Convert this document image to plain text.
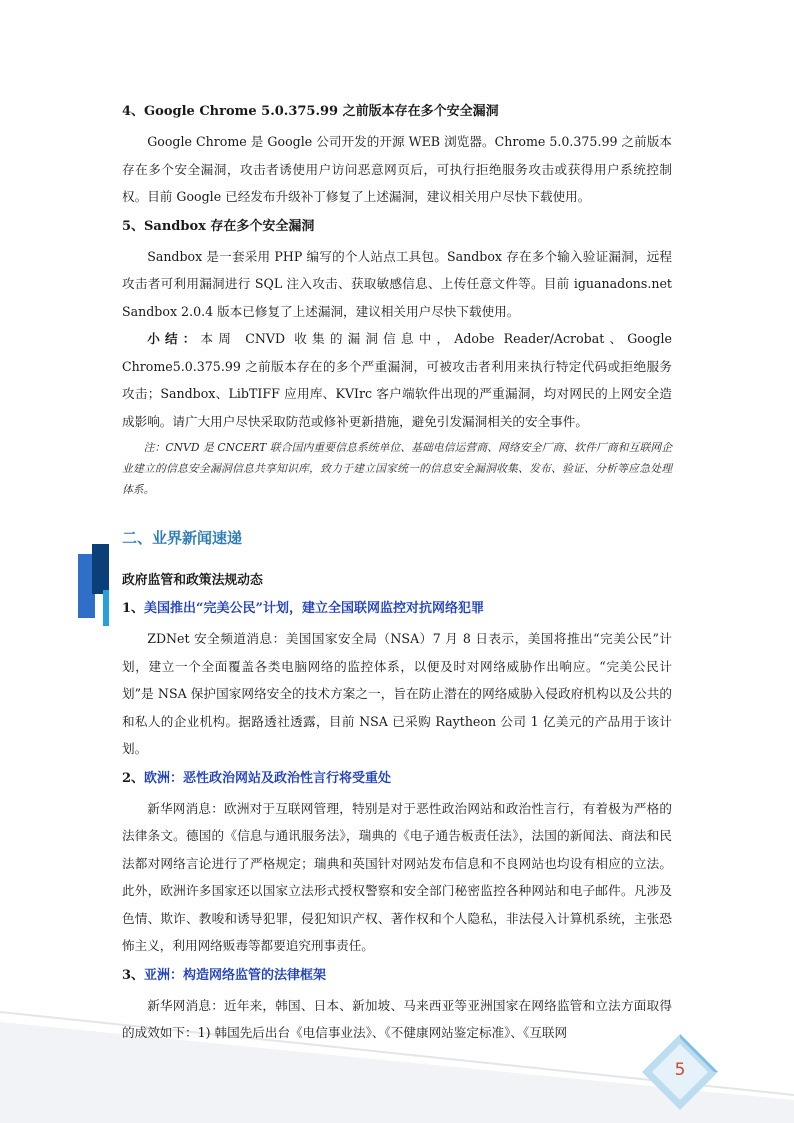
5
4、Google Chrome 5.0.375.99 之前版本存在多个安全漏洞

Google Chrome 是 Google 公司开发的开源 WEB 浏览器。Chrome 5.0.375.99 之前版本存在多个安全漏洞，攻击者诱使用户访问恶意网页后，可执行拒绝服务攻击或获得用户系统控制权。目前 Google 已经发布升级补丁修复了上述漏洞，建议相关用户尽快下载使用。

5、Sandbox 存在多个安全漏洞

Sandbox 是一套采用 PHP 编写的个人站点工具包。Sandbox 存在多个输入验证漏洞，远程攻击者可利用漏洞进行 SQL 注入攻击、获取敏感信息、上传任意文件等。目前 iguanadons.net Sandbox 2.0.4 版本已修复了上述漏洞，建议相关用户尽快下载使用。

小结：本周 CNVD 收集的漏洞信息中，Adobe Reader/Acrobat、Google Chrome5.0.375.99 之前版本存在的多个严重漏洞，可被攻击者利用来执行特定代码或拒绝服务攻击；Sandbox、LibTIFF 应用库、KVIrc 客户端软件出现的严重漏洞，均对网民的上网安全造成影响。请广大用户尽快采取防范或修补更新措施，避免引发漏洞相关的安全事件。

注：CNVD 是 CNCERT 联合国内重要信息系统单位、基础电信运营商、网络安全厂商、软件厂商和互联网企业建立的信息安全漏洞信息共享知识库，致力于建立国家统一的信息安全漏洞收集、发布、验证、分析等应急处理体系。

二、业界新闻速递
政府监管和政策法规动态
1、美国推出“完美公民”计划，建立全国联网监控对抗网络犯罪

ZDNet 安全频道消息：美国国家安全局（NSA）7 月 8 日表示，美国将推出“完美公民”计划，建立一个全面覆盖各类电脑网络的监控体系，以便及时对网络威胁作出响应。“完美公民计划”是 NSA 保护国家网络安全的技术方案之一，旨在防止潜在的网络威胁入侵政府机构以及公共的和私人的企业机构。据路透社透露，目前 NSA 已采购 Raytheon 公司 1 亿美元的产品用于该计划。

2、欧洲：恶性政治网站及政治性言行将受重处

新华网消息：欧洲对于互联网管理，特别是对于恶性政治网站和政治性言行，有着极为严格的法律条文。德国的《信息与通讯服务法》，瑞典的《电子通告板责任法》，法国的新闻法、商法和民法都对网络言论进行了严格规定；瑞典和英国针对网站发布信息和不良网站也均设有相应的立法。此外，欧洲许多国家还以国家立法形式授权警察和安全部门秘密监控各种网站和电子邮件。凡涉及色情、欺诈、教唆和诱导犯罪，侵犯知识产权、著作权和个人隐私，非法侵入计算机系统，主张恐怖主义，利用网络贩毒等都要追究刑事责任。

3、亚洲：构造网络监管的法律框架

新华网消息：近年来，韩国、日本、新加坡、马来西亚等亚洲国家在网络监管和立法方面取得的成效如下：1) 韩国先后出台《电信事业法》、《不健康网站鉴定标准》、《互联网
